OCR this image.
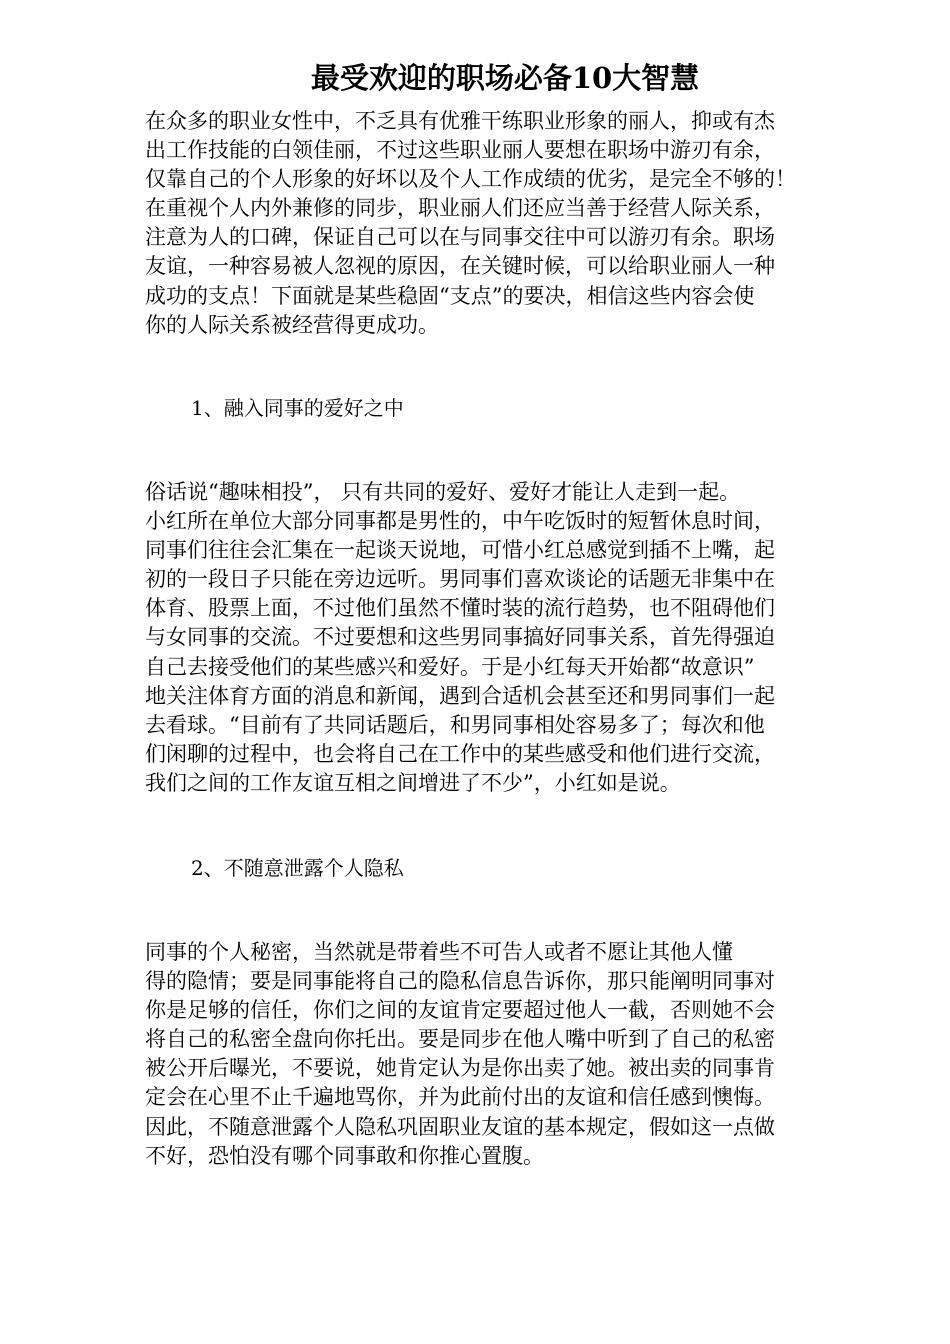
最受欢迎的职场必备10大智慧

在众多的职业女性中，不乏具有优雅干练职业形象的丽人，抑或有杰
出工作技能的白领佳丽，不过这些职业丽人要想在职场中游刃有余，
仅靠自己的个人形象的好坏以及个人工作成绩的优劣，是完全不够的！
在重视个人内外兼修的同步，职业丽人们还应当善于经营人际关系，
注意为人的口碑，保证自己可以在与同事交往中可以游刃有余。职场
友谊，一种容易被人忽视的原因，在关键时候，可以给职业丽人一种
成功的支点！下面就是某些稳固“支点”的要决，相信这些内容会使
你的人际关系被经营得更成功。

1、融入同事的爱好之中

俗话说“趣味相投”， 只有共同的爱好、爱好才能让人走到一起。
小红所在单位大部分同事都是男性的，中午吃饭时的短暂休息时间，
同事们往往会汇集在一起谈天说地，可惜小红总感觉到插不上嘴，起
初的一段日子只能在旁边远听。男同事们喜欢谈论的话题无非集中在
体育、股票上面，不过他们虽然不懂时装的流行趋势，也不阻碍他们
与女同事的交流。不过要想和这些男同事搞好同事关系，首先得强迫
自己去接受他们的某些感兴和爱好。于是小红每天开始都“故意识”
地关注体育方面的消息和新闻，遇到合适机会甚至还和男同事们一起
去看球。“目前有了共同话题后，和男同事相处容易多了；每次和他
们闲聊的过程中，也会将自己在工作中的某些感受和他们进行交流，
我们之间的工作友谊互相之间增进了不少”，小红如是说。

2、不随意泄露个人隐私

同事的个人秘密，当然就是带着些不可告人或者不愿让其他人懂
得的隐情；要是同事能将自己的隐私信息告诉你，那只能阐明同事对
你是足够的信任，你们之间的友谊肯定要超过他人一截，否则她不会
将自己的私密全盘向你托出。要是同步在他人嘴中听到了自己的私密
被公开后曝光，不要说，她肯定认为是你出卖了她。被出卖的同事肯
定会在心里不止千遍地骂你，并为此前付出的友谊和信任感到懊悔。
因此，不随意泄露个人隐私巩固职业友谊的基本规定，假如这一点做
不好，恐怕没有哪个同事敢和你推心置腹。
